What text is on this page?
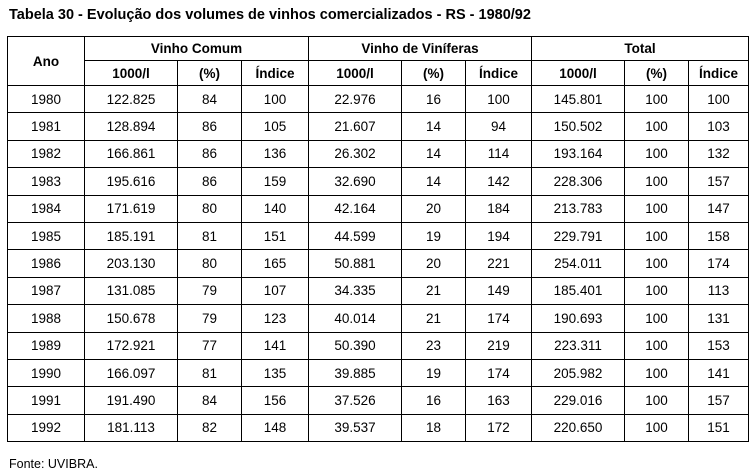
Tabela 30 - Evolução dos volumes de vinhos comercializados - RS - 1980/92
Ano	Vinho Comum			Vinho de Viníferas			Total		
	1000/l	(%)	Índice	1000/l	(%)	Índice	1000/l	(%)	Índice
1980	122.825	84	100	22.976	16	100	145.801	100	100
1981	128.894	86	105	21.607	14	94	150.502	100	103
1982	166.861	86	136	26.302	14	114	193.164	100	132
1983	195.616	86	159	32.690	14	142	228.306	100	157
1984	171.619	80	140	42.164	20	184	213.783	100	147
1985	185.191	81	151	44.599	19	194	229.791	100	158
1986	203.130	80	165	50.881	20	221	254.011	100	174
1987	131.085	79	107	34.335	21	149	185.401	100	113
1988	150.678	79	123	40.014	21	174	190.693	100	131
1989	172.921	77	141	50.390	23	219	223.311	100	153
1990	166.097	81	135	39.885	19	174	205.982	100	141
1991	191.490	84	156	37.526	16	163	229.016	100	157
1992	181.113	82	148	39.537	18	172	220.650	100	151
Fonte: UVIBRA.
